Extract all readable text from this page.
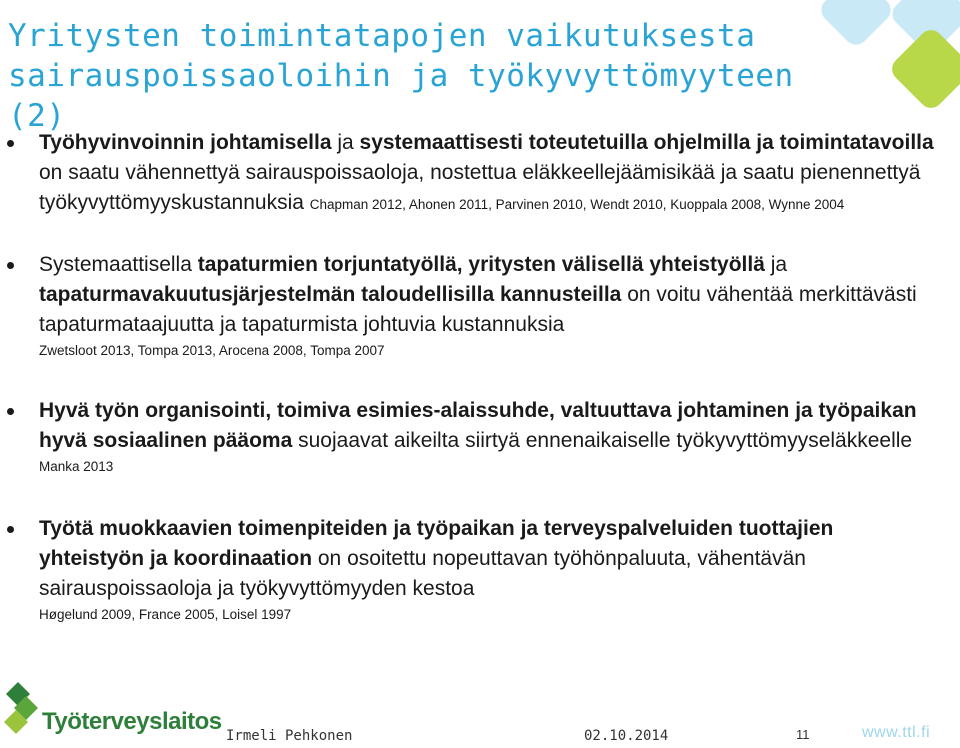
Yritysten toimintatapojen vaikutuksesta
sairauspoissaoloihin ja työkyvyttömyyteen (2)
Työhyvinvoinnin johtamisella ja systemaattisesti toteutetuilla ohjelmilla ja toimintatavoilla on saatu vähennettyä sairauspoissaoloja, nostettua eläkkeellejäämisikää ja saatu pienennettyä työkyvyttömyyskustannuksia Chapman 2012, Ahonen 2011, Parvinen 2010, Wendt 2010, Kuoppala 2008, Wynne 2004
Systemaattisella tapaturmien torjuntatyöllä, yritysten välisellä yhteistyöllä ja tapaturmavakuutusjärjestelmän taloudellisilla kannusteilla on voitu vähentää merkittävästi tapaturmataajuutta ja tapaturmista johtuvia kustannuksia
Zwetsloot 2013, Tompa 2013, Arocena 2008, Tompa 2007
Hyvä työn organisointi, toimiva esimies-alaissuhde, valtuuttava johtaminen ja työpaikan hyvä sosiaalinen pääoma suojaavat aikeilta siirtyä ennenaikaiselle työkyvyttömyyseläkkeelle
Manka 2013
Työtä muokkaavien toimenpiteiden ja työpaikan ja terveyspalveluiden tuottajien yhteistyön ja koordinaation on osoitettu nopeuttavan työhönpaluuta, vähentävän sairauspoissaoloja ja työkyvyttömyyden kestoa
Høgelund 2009, France 2005, Loisel 1997
Työterveyslaitos
Irmeli Pehkonen	02.10.2014	11	www.ttl.fi
